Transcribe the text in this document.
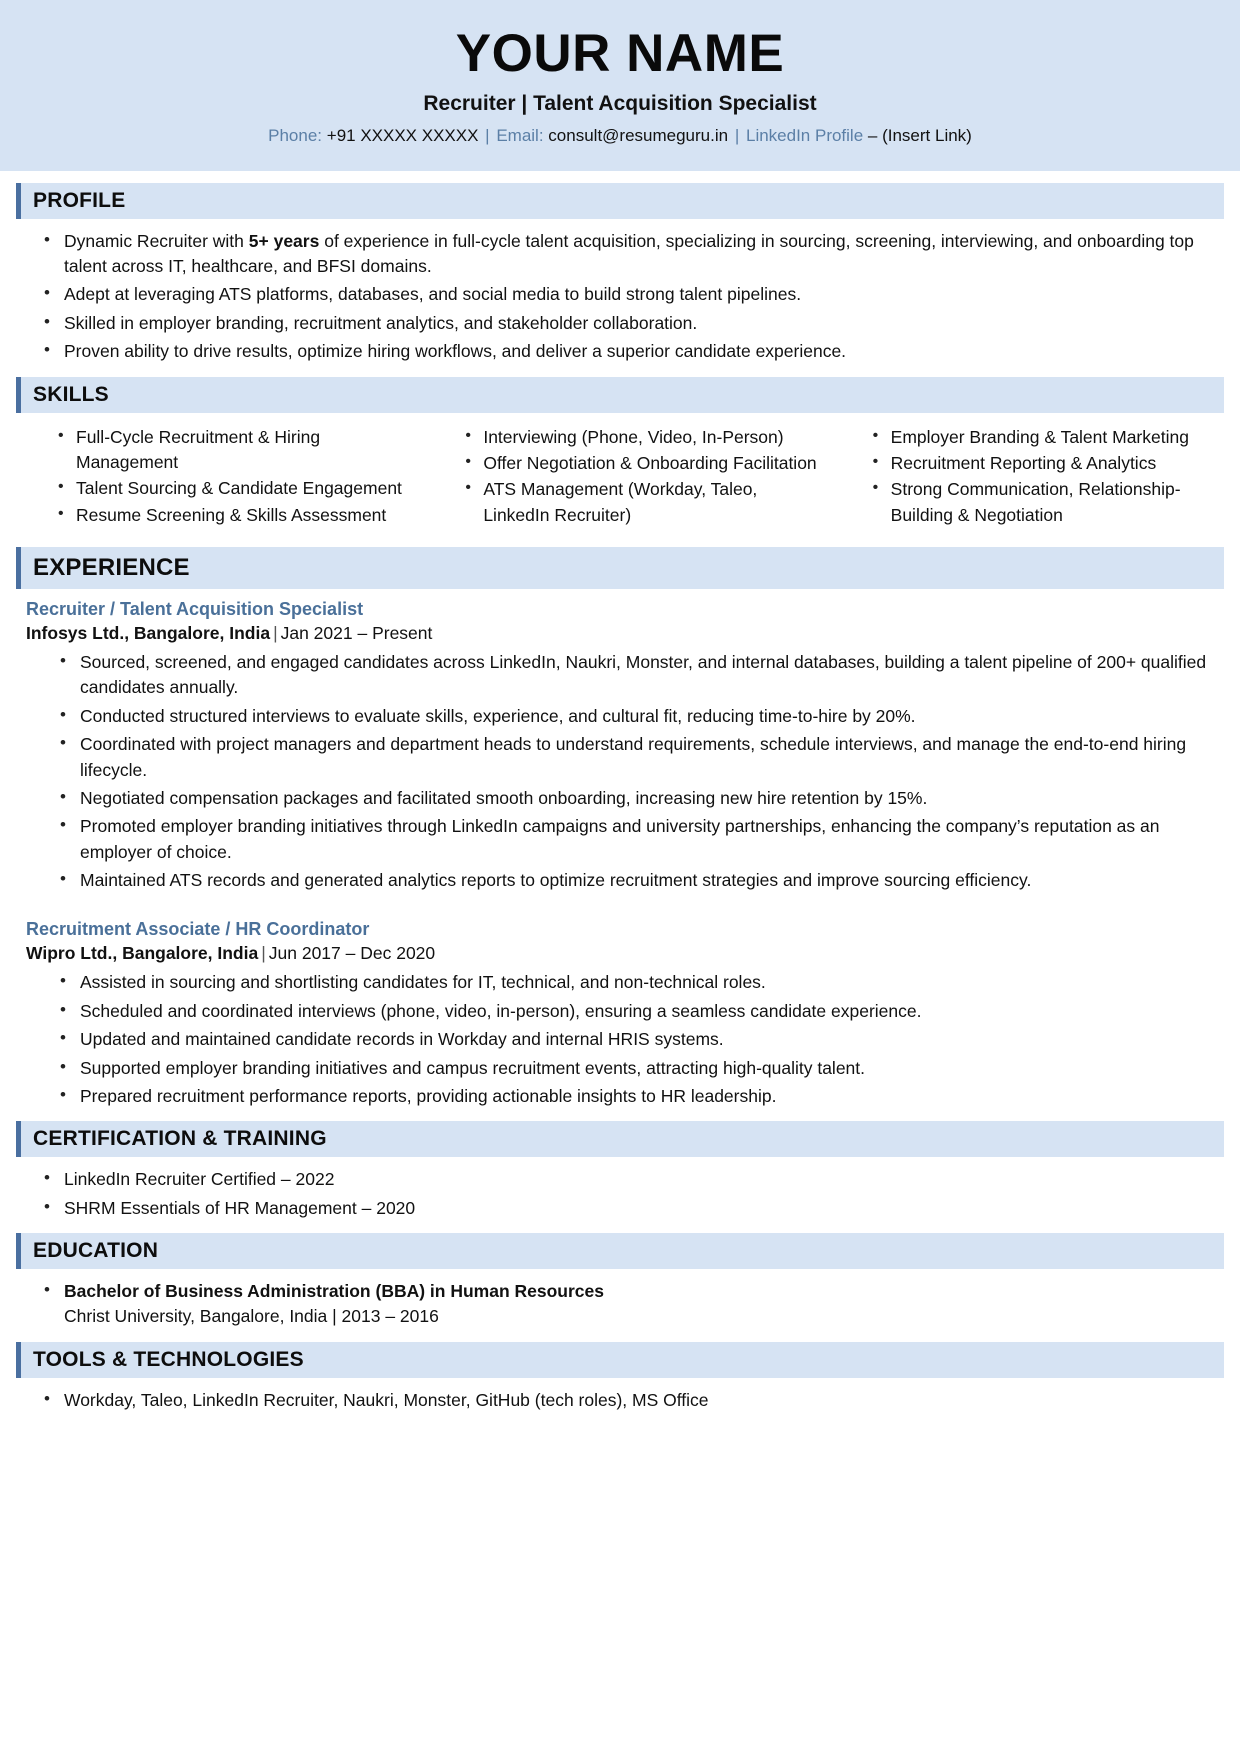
YOUR NAME
Recruiter | Talent Acquisition Specialist
Phone: +91 XXXXX XXXXX | Email: consult@resumeguru.in | LinkedIn Profile – (Insert Link)
PROFILE
• Dynamic Recruiter with 5+ years of experience in full-cycle talent acquisition, specializing in sourcing, screening, interviewing, and onboarding top talent across IT, healthcare, and BFSI domains.
• Adept at leveraging ATS platforms, databases, and social media to build strong talent pipelines.
• Skilled in employer branding, recruitment analytics, and stakeholder collaboration.
• Proven ability to drive results, optimize hiring workflows, and deliver a superior candidate experience.
SKILLS
• Full-Cycle Recruitment & Hiring Management
• Talent Sourcing & Candidate Engagement
• Resume Screening & Skills Assessment
• Interviewing (Phone, Video, In-Person)
• Offer Negotiation & Onboarding Facilitation
• ATS Management (Workday, Taleo, LinkedIn Recruiter)
• Employer Branding & Talent Marketing
• Recruitment Reporting & Analytics
• Strong Communication, Relationship-Building & Negotiation
EXPERIENCE
Recruiter / Talent Acquisition Specialist
Infosys Ltd., Bangalore, India | Jan 2021 – Present
• Sourced, screened, and engaged candidates across LinkedIn, Naukri, Monster, and internal databases, building a talent pipeline of 200+ qualified candidates annually.
• Conducted structured interviews to evaluate skills, experience, and cultural fit, reducing time-to-hire by 20%.
• Coordinated with project managers and department heads to understand requirements, schedule interviews, and manage the end-to-end hiring lifecycle.
• Negotiated compensation packages and facilitated smooth onboarding, increasing new hire retention by 15%.
• Promoted employer branding initiatives through LinkedIn campaigns and university partnerships, enhancing the company’s reputation as an employer of choice.
• Maintained ATS records and generated analytics reports to optimize recruitment strategies and improve sourcing efficiency.
Recruitment Associate / HR Coordinator
Wipro Ltd., Bangalore, India | Jun 2017 – Dec 2020
• Assisted in sourcing and shortlisting candidates for IT, technical, and non-technical roles.
• Scheduled and coordinated interviews (phone, video, in-person), ensuring a seamless candidate experience.
• Updated and maintained candidate records in Workday and internal HRIS systems.
• Supported employer branding initiatives and campus recruitment events, attracting high-quality talent.
• Prepared recruitment performance reports, providing actionable insights to HR leadership.
CERTIFICATION & TRAINING
• LinkedIn Recruiter Certified – 2022
• SHRM Essentials of HR Management – 2020
EDUCATION
• Bachelor of Business Administration (BBA) in Human Resources
Christ University, Bangalore, India | 2013 – 2016
TOOLS & TECHNOLOGIES
• Workday, Taleo, LinkedIn Recruiter, Naukri, Monster, GitHub (tech roles), MS Office
